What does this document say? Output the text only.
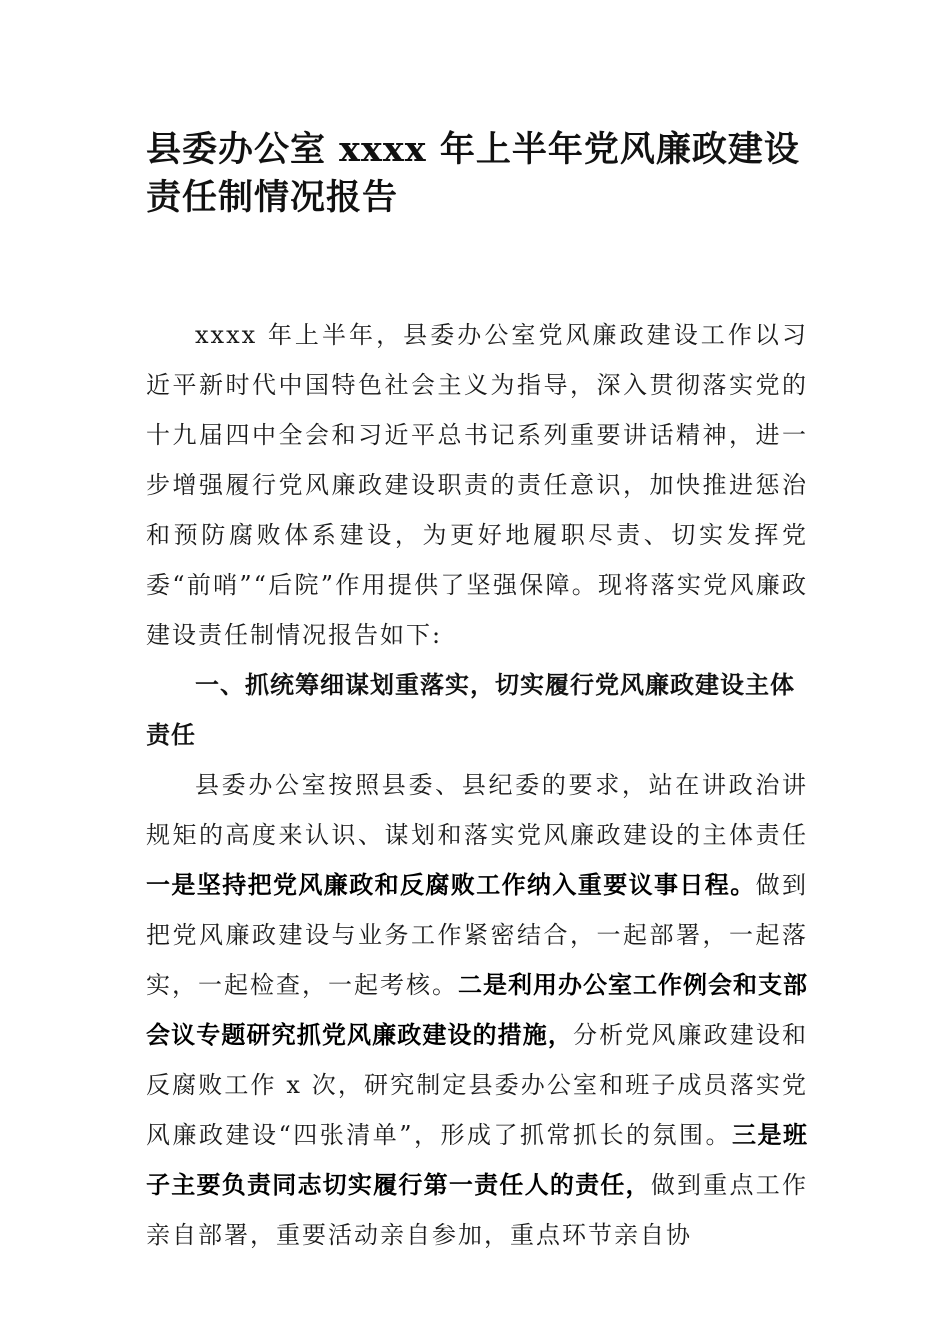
县委办公室 xxxx 年上半年党风廉政建设责任制情况报告

xxxx 年上半年，县委办公室党风廉政建设工作以习近平新时代中国特色社会主义为指导，深入贯彻落实党的十九届四中全会和习近平总书记系列重要讲话精神，进一步增强履行党风廉政建设职责的责任意识，加快推进惩治和预防腐败体系建设，为更好地履职尽责、切实发挥党委“前哨”“后院”作用提供了坚强保障。现将落实党风廉政建设责任制情况报告如下:

一、抓统筹细谋划重落实，切实履行党风廉政建设主体责任

县委办公室按照县委、县纪委的要求，站在讲政治讲规矩的高度来认识、谋划和落实党风廉政建设的主体责任一是坚持把党风廉政和反腐败工作纳入重要议事日程。做到把党风廉政建设与业务工作紧密结合，一起部署，一起落实，一起检查，一起考核。二是利用办公室工作例会和支部会议专题研究抓党风廉政建设的措施，分析党风廉政建设和反腐败工作 x 次，研究制定县委办公室和班子成员落实党风廉政建设“四张清单”，形成了抓常抓长的氛围。三是班子主要负责同志切实履行第一责任人的责任，做到重点工作亲自部署，重要活动亲自参加，重点环节亲自协
